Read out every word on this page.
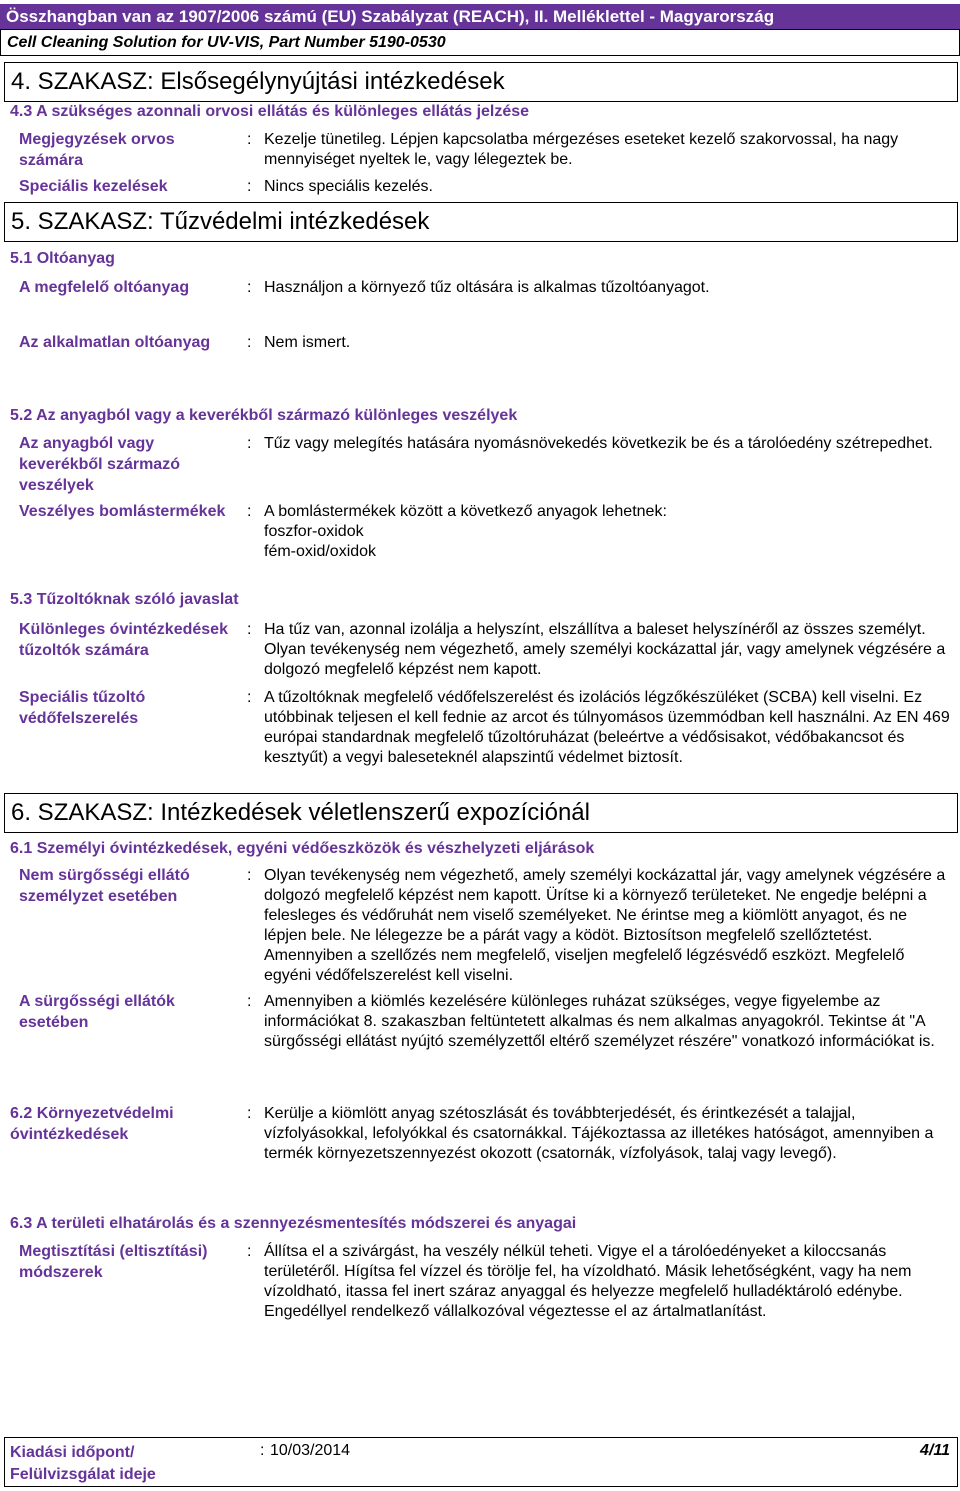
Összhangban van az 1907/2006 számú (EU) Szabályzat (REACH), II. Melléklettel - Magyarország
Cell Cleaning Solution for UV-VIS, Part Number 5190-0530
4. SZAKASZ: Elsősegélynyújtási intézkedések
4.3 A szükséges azonnali orvosi ellátás és különleges ellátás jelzése
Megjegyzések orvos számára
: Kezelje tünetileg. Lépjen kapcsolatba mérgezéses eseteket kezelő szakorvossal, ha nagy mennyiséget nyeltek le, vagy lélegeztek be.
Speciális kezelések	: Nincs speciális kezelés.
5. SZAKASZ: Tűzvédelmi intézkedések
5.1 Oltóanyag
A megfelelő oltóanyag	: Használjon a környező tűz oltására is alkalmas tűzoltóanyagot.
Az alkalmatlan oltóanyag	: Nem ismert.
5.2 Az anyagból vagy a keverékből származó különleges veszélyek
Az anyagból vagy keverékből származó veszélyek
: Tűz vagy melegítés hatására nyomásnövekedés következik be és a tárolóedény szétrepedhet.
Veszélyes bomlástermékek	: A bomlástermékek között a következő anyagok lehetnek:
foszfor-oxidok
fém-oxid/oxidok
5.3 Tűzoltóknak szóló javaslat
Különleges óvintézkedések tűzoltók számára
: Ha tűz van, azonnal izolálja a helyszínt, elszállítva a baleset helyszínéről az összes személyt. Olyan tevékenység nem végezhető, amely személyi kockázattal jár, vagy amelynek végzésére a dolgozó megfelelő képzést nem kapott.
Speciális tűzoltó védőfelszerelés
: A tűzoltóknak megfelelő védőfelszerelést és izolációs légzőkészüléket (SCBA) kell viselni. Ez utóbbinak teljesen el kell fednie az arcot és túlnyomásos üzemmódban kell használni. Az EN 469 európai standardnak megfelelő tűzoltóruházat (beleértve a védősisakot, védőbakancsot és kesztyűt) a vegyi baleseteknél alapszintű védelmet biztosít.
6. SZAKASZ: Intézkedések véletlenszerű expozíciónál
6.1 Személyi óvintézkedések, egyéni védőeszközök és vészhelyzeti eljárások
Nem sürgősségi ellátó személyzet esetében
: Olyan tevékenység nem végezhető, amely személyi kockázattal jár, vagy amelynek végzésére a dolgozó megfelelő képzést nem kapott. Ürítse ki a környező területeket. Ne engedje belépni a felesleges és védőruhát nem viselő személyeket. Ne érintse meg a kiömlött anyagot, és ne lépjen bele. Ne lélegezze be a párát vagy a ködöt. Biztosítson megfelelő szellőztetést. Amennyiben a szellőzés nem megfelelő, viseljen megfelelő légzésvédő eszközt. Megfelelő egyéni védőfelszerelést kell viselni.
A sürgősségi ellátók esetében
: Amennyiben a kiömlés kezelésére különleges ruházat szükséges, vegye figyelembe az információkat 8. szakaszban feltüntetett alkalmas és nem alkalmas anyagokról. Tekintse át "A sürgősségi ellátást nyújtó személyzettől eltérő személyzet részére" vonatkozó információkat is.
6.2 Környezetvédelmi óvintézkedések
: Kerülje a kiömlött anyag szétoszlását és továbbterjedését, és érintkezését a talajjal, vízfolyásokkal, lefolyókkal és csatornákkal. Tájékoztassa az illetékes hatóságot, amennyiben a termék környezetszennyezést okozott (csatornák, vízfolyások, talaj vagy levegő).
6.3 A területi elhatárolás és a szennyezésmentesítés módszerei és anyagai
Megtisztítási (eltisztítási) módszerek
: Állítsa el a szivárgást, ha veszély nélkül teheti. Vigye el a tárolóedényeket a kiloccsanás területéről. Hígítsa fel vízzel és törölje fel, ha vízoldható. Másik lehetőségként, vagy ha nem vízoldható, itassa fel inert száraz anyaggal és helyezze megfelelő hulladéktároló edénybe. Engedéllyel rendelkező vállalkozóval végeztesse el az ártalmatlanítást.
Kiadási időpont/ Felülvizsgálat ideje
: 10/03/2014	4/11
